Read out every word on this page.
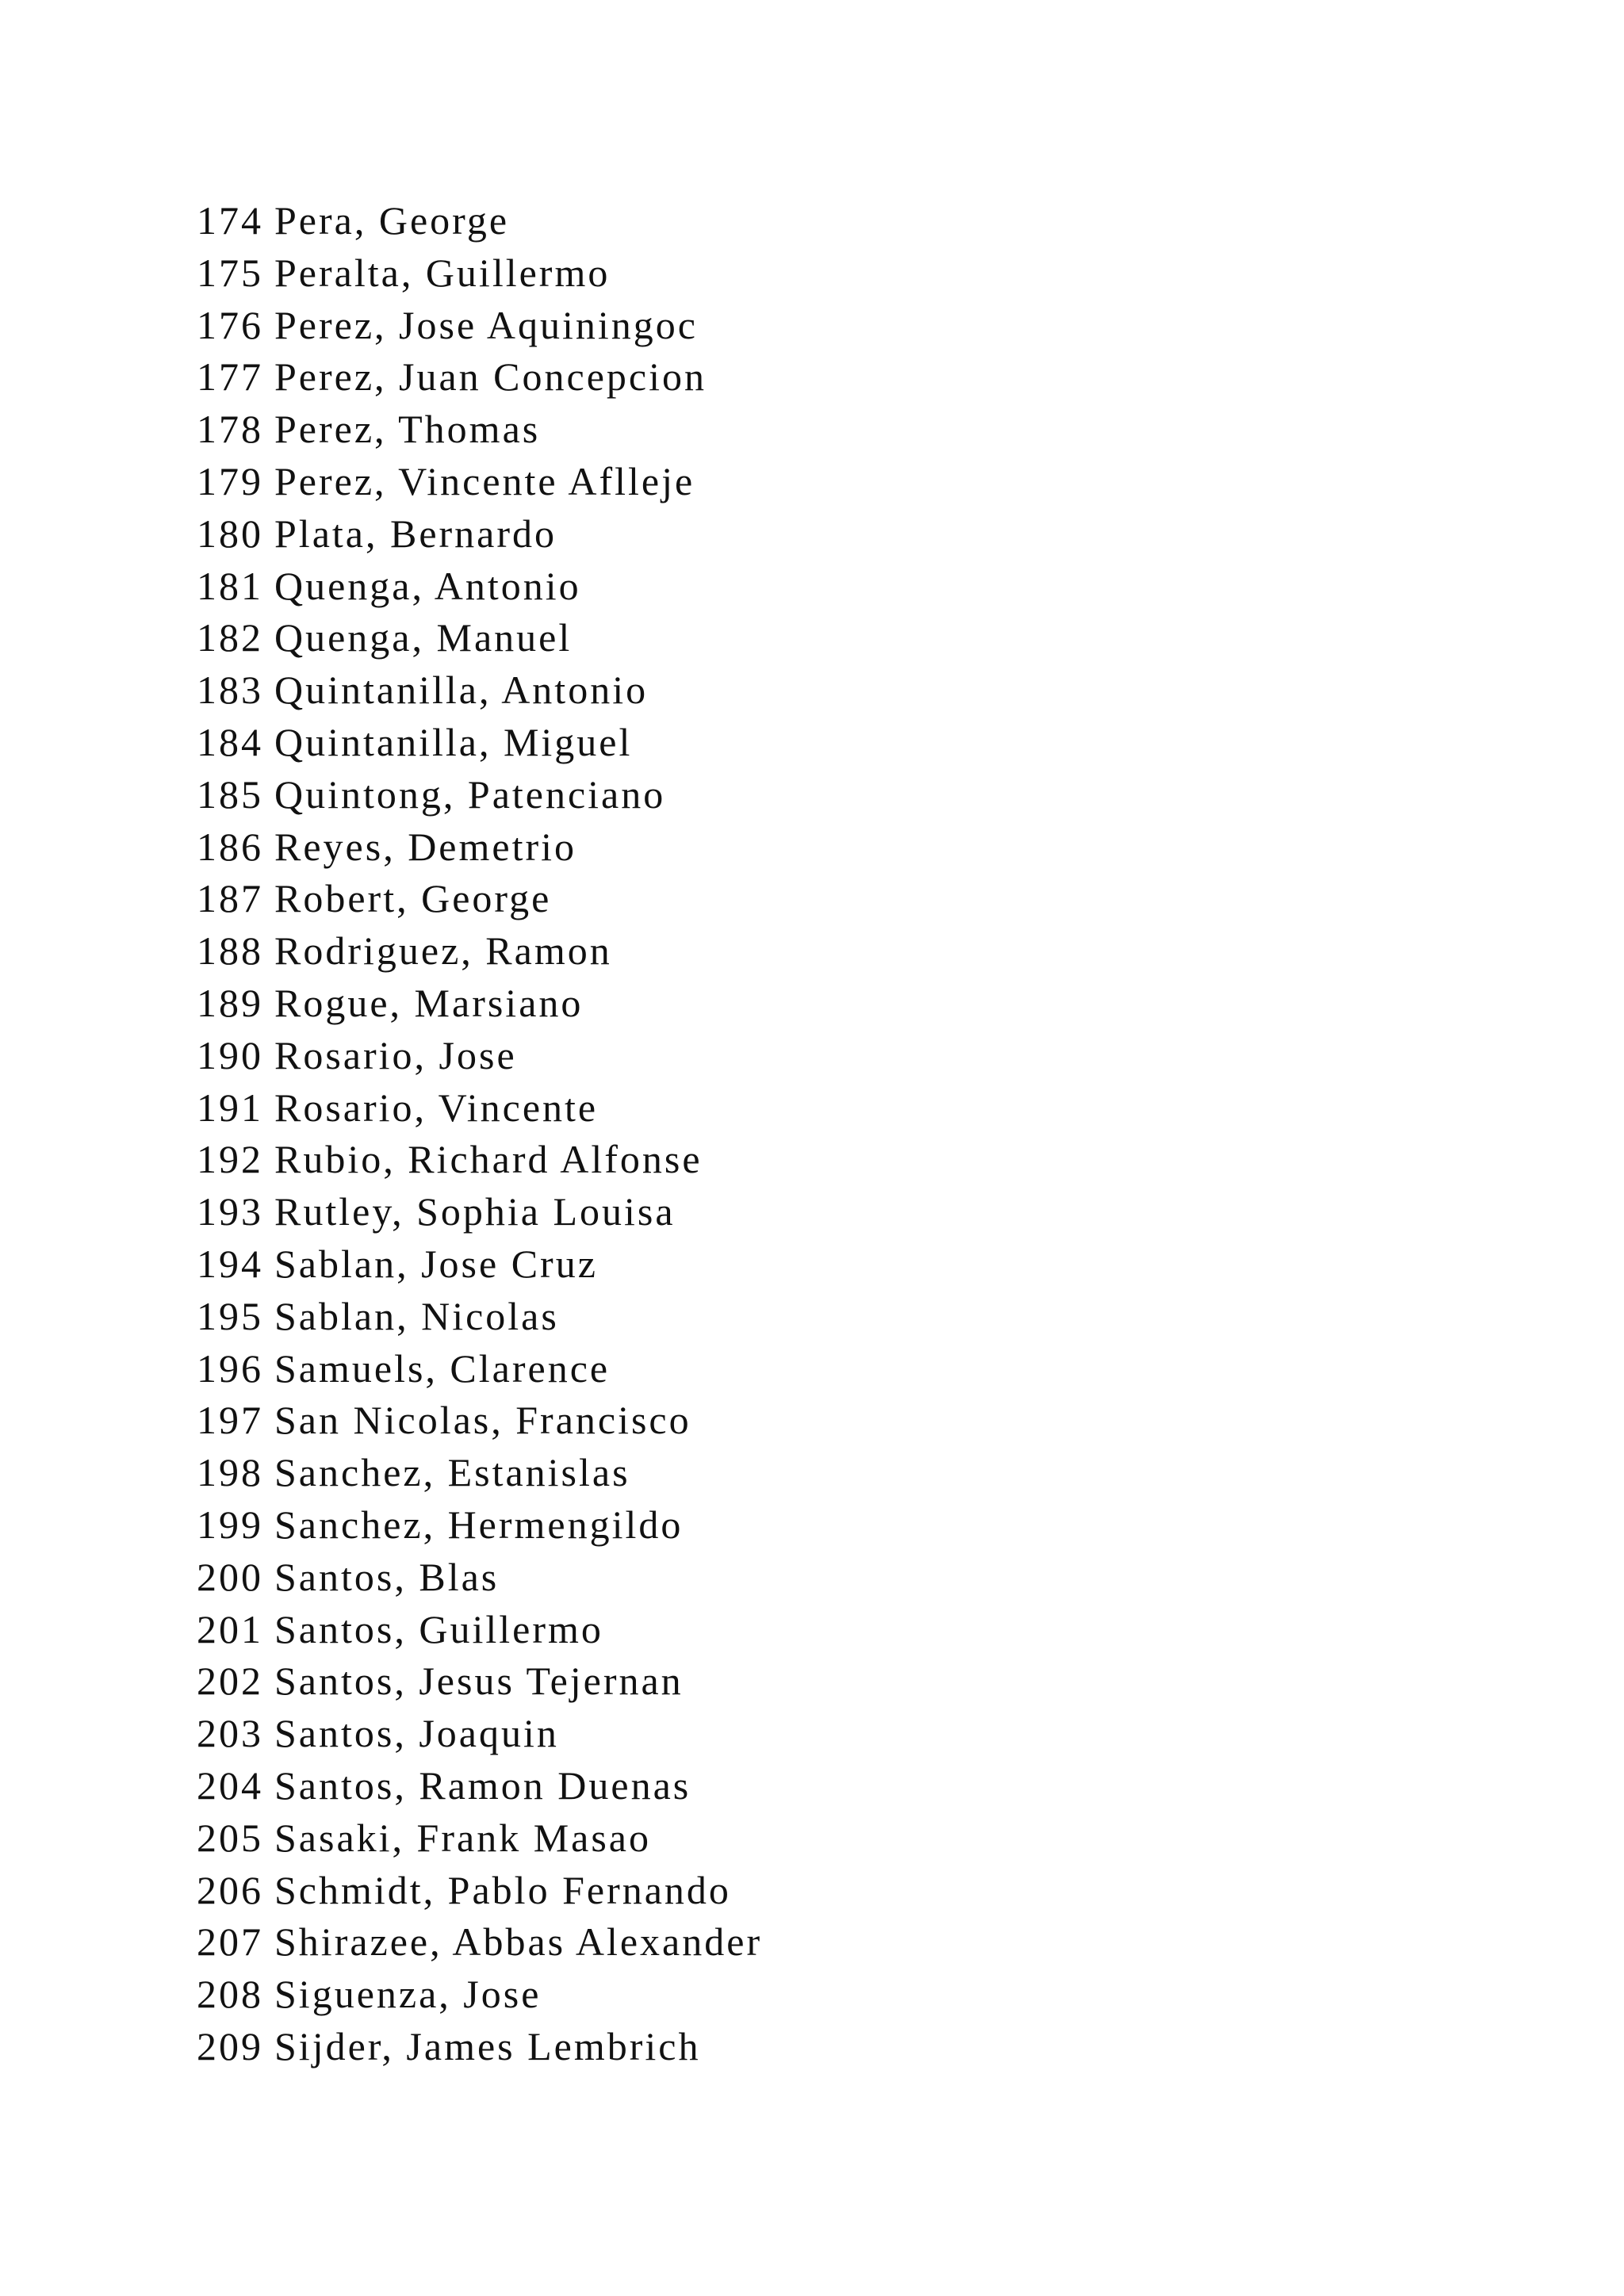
174 Pera, George
175 Peralta, Guillermo
176 Perez, Jose Aquiningoc
177 Perez, Juan Concepcion
178 Perez, Thomas
179 Perez, Vincente Aflleje
180 Plata, Bernardo
181 Quenga, Antonio
182 Quenga, Manuel
183 Quintanilla, Antonio
184 Quintanilla, Miguel
185 Quintong, Patenciano
186 Reyes, Demetrio
187 Robert, George
188 Rodriguez, Ramon
189 Rogue, Marsiano
190 Rosario, Jose
191 Rosario, Vincente
192 Rubio, Richard Alfonse
193 Rutley, Sophia Louisa
194 Sablan, Jose Cruz
195 Sablan, Nicolas
196 Samuels, Clarence
197 San Nicolas, Francisco
198 Sanchez, Estanislas
199 Sanchez, Hermengildo
200 Santos, Blas
201 Santos, Guillermo
202 Santos, Jesus Tejernan
203 Santos, Joaquin
204 Santos, Ramon Duenas
205 Sasaki, Frank Masao
206 Schmidt, Pablo Fernando
207 Shirazee, Abbas Alexander
208 Siguenza, Jose
209 Sijder, James Lembrich
